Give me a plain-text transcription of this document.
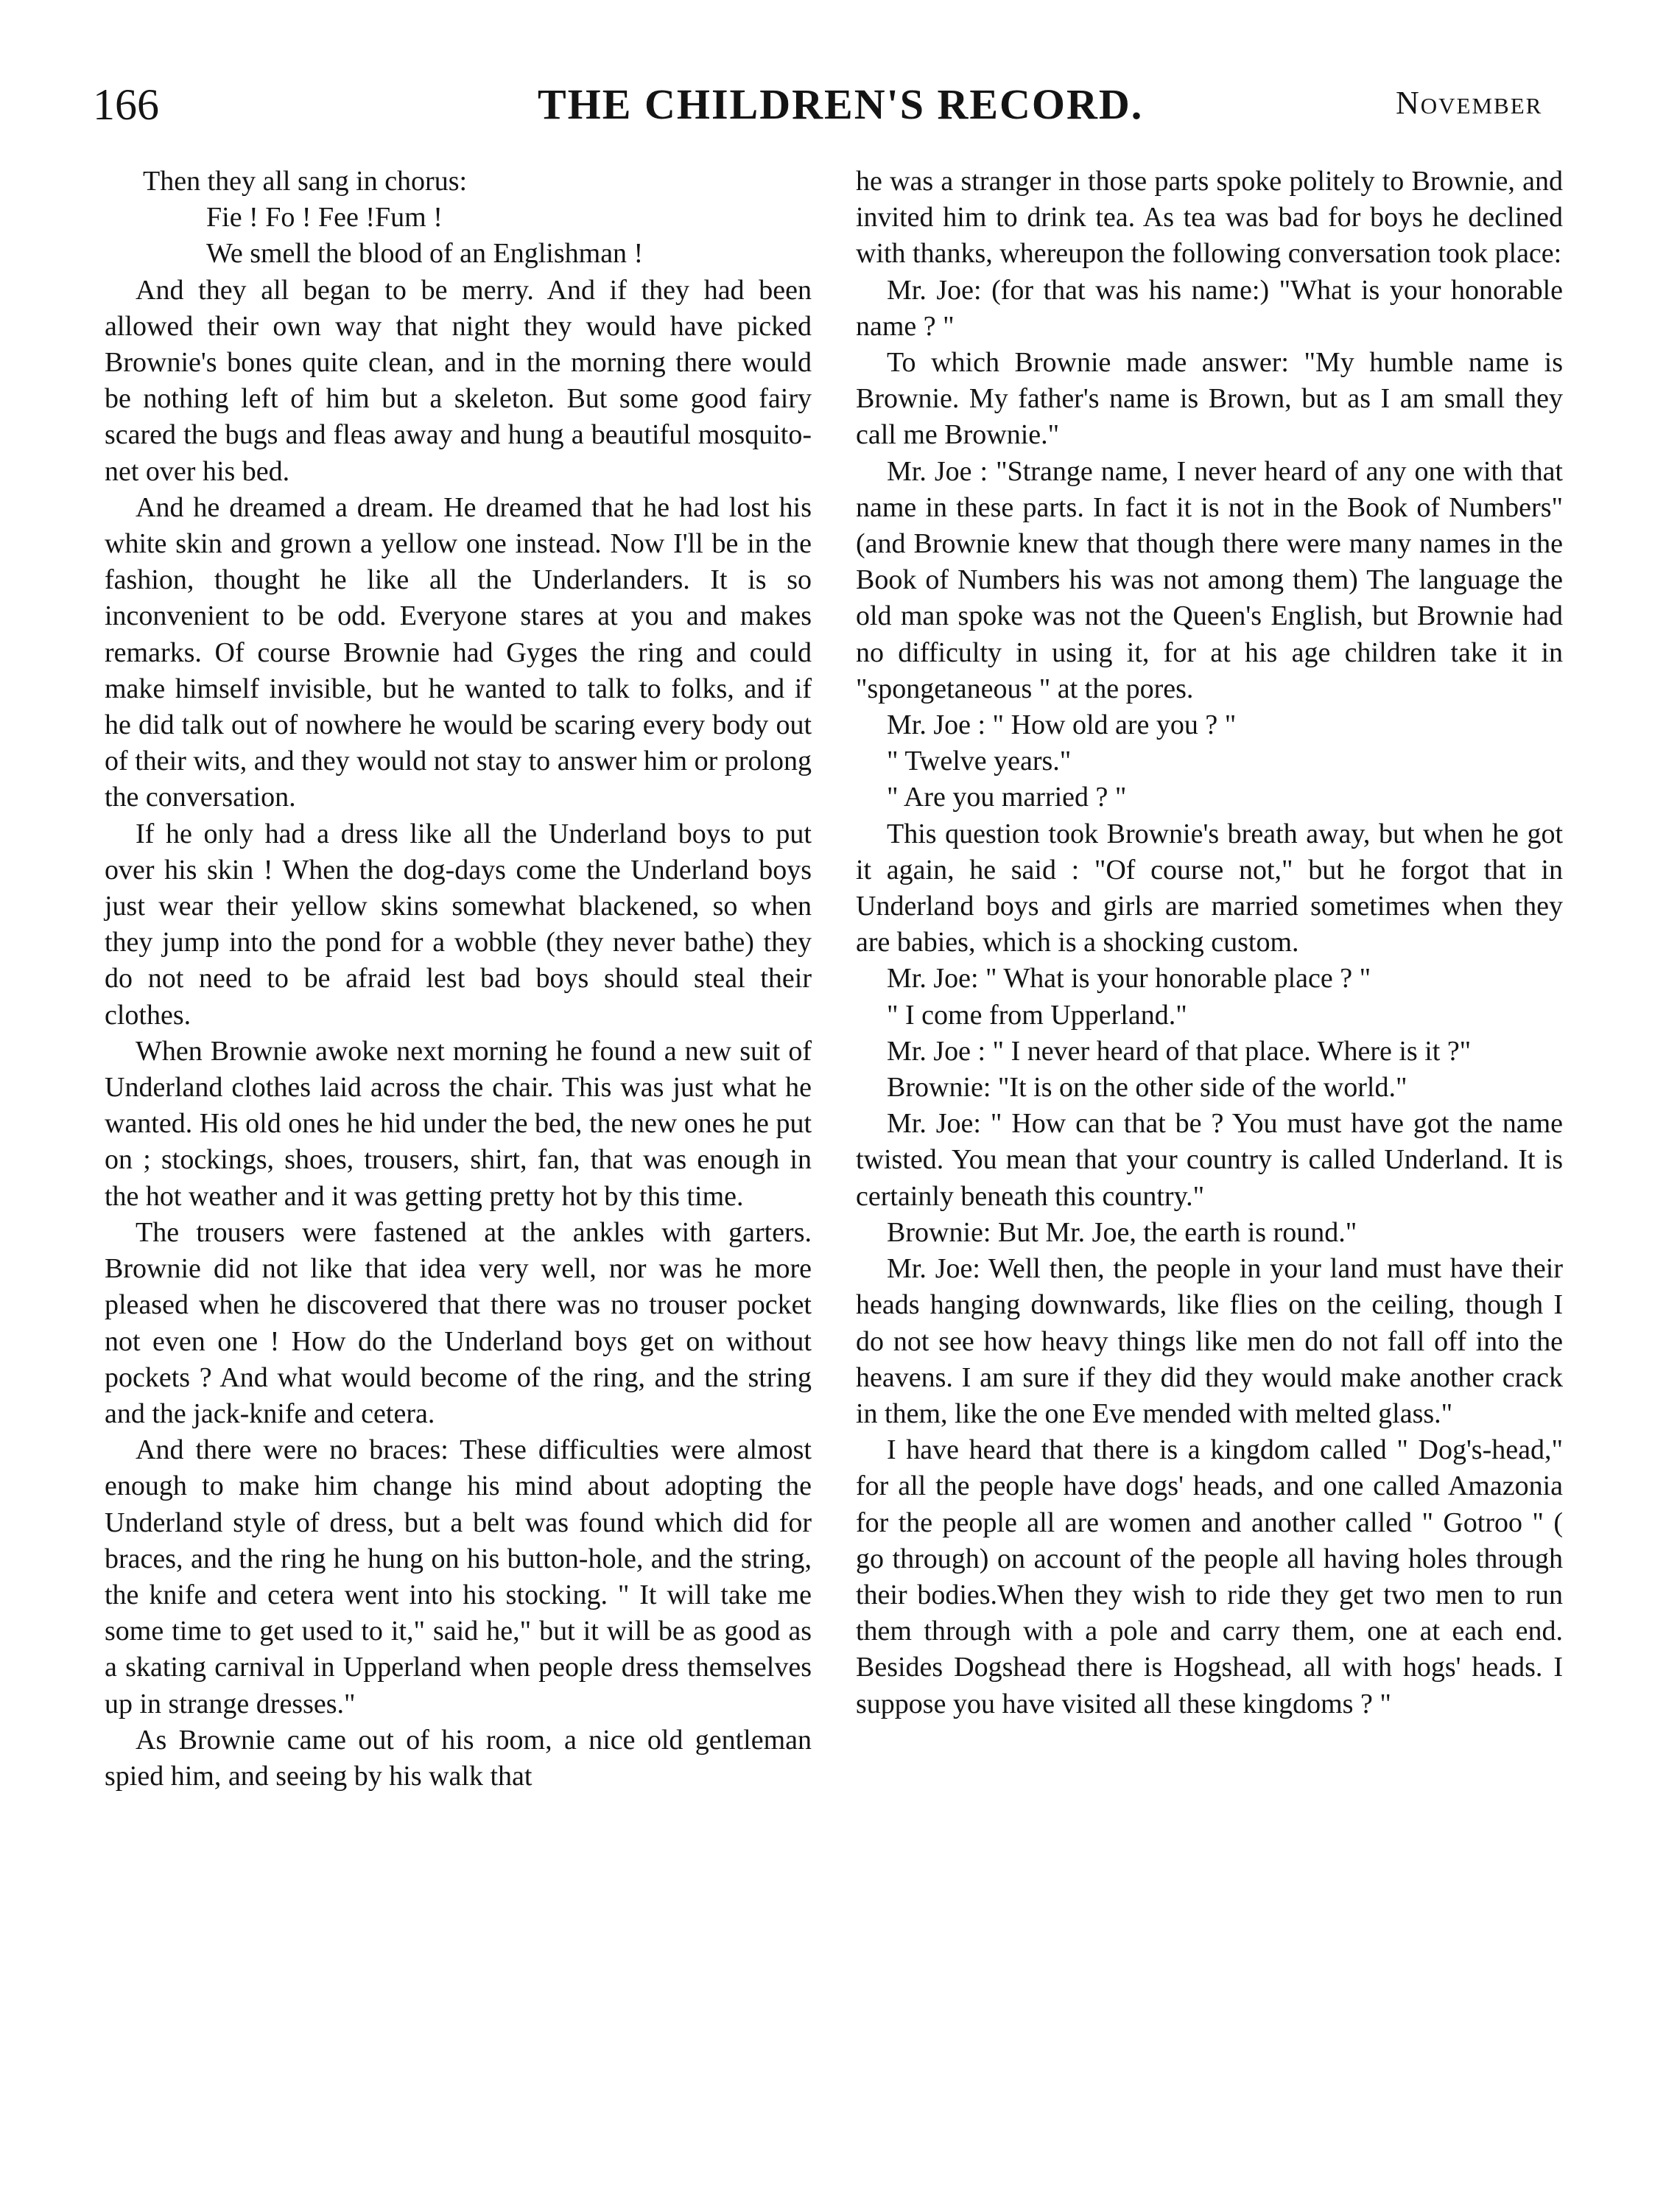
166	THE CHILDREN'S RECORD.	November

Then they all sang in chorus:

Fie ! Fo ! Fee !Fum !

We smell the blood of an Englishman !

And they all began to be merry. And if they had been allowed their own way that night they would have picked Brownie's bones quite clean, and in the morning there would be nothing left of him but a skeleton. But some good fairy scared the bugs and fleas away and hung a beautiful mosquito-net over his bed.

And he dreamed a dream. He dreamed that he had lost his white skin and grown a yellow one instead. Now I'll be in the fashion, thought he like all the Underlanders. It is so inconvenient to be odd. Everyone stares at you and makes remarks. Of course Brownie had Gyges the ring and could make himself invisible, but he wanted to talk to folks, and if he did talk out of nowhere he would be scaring every body out of their wits, and they would not stay to answer him or prolong the conversation.

If he only had a dress like all the Underland boys to put over his skin ! When the dog-days come the Underland boys just wear their yellow skins somewhat blackened, so when they jump into the pond for a wobble (they never bathe) they do not need to be afraid lest bad boys should steal their clothes.

When Brownie awoke next morning he found a new suit of Underland clothes laid across the chair. This was just what he wanted. His old ones he hid under the bed, the new ones he put on ; stockings, shoes, trousers, shirt, fan, that was enough in the hot weather and it was getting pretty hot by this time.

The trousers were fastened at the ankles with garters. Brownie did not like that idea very well, nor was he more pleased when he discovered that there was no trouser pocket not even one ! How do the Underland boys get on without pockets ? And what would become of the ring, and the string and the jack-knife and cetera.

And there were no braces: These difficulties were almost enough to make him change his mind about adopting the Underland style of dress, but a belt was found which did for braces, and the ring he hung on his button-hole, and the string, the knife and cetera went into his stocking. " It will take me some time to get used to it," said he," but it will be as good as a skating carnival in Upperland when people dress themselves up in strange dresses."

As Brownie came out of his room, a nice old gentleman spied him, and seeing by his walk that

he was a stranger in those parts spoke politely to Brownie, and invited him to drink tea. As tea was bad for boys he declined with thanks, whereupon the following conversation took place:

Mr. Joe: (for that was his name:) "What is your honorable name ? "

To which Brownie made answer: "My humble name is Brownie. My father's name is Brown, but as I am small they call me Brownie."

Mr. Joe : "Strange name, I never heard of any one with that name in these parts. In fact it is not in the Book of Numbers" (and Brownie knew that though there were many names in the Book of Numbers his was not among them) The language the old man spoke was not the Queen's English, but Brownie had no difficulty in using it, for at his age children take it in "spongetaneous " at the pores.

Mr. Joe : " How old are you ? "

" Twelve years."

" Are you married ? "

This question took Brownie's breath away, but when he got it again, he said : "Of course not," but he forgot that in Underland boys and girls are married sometimes when they are babies, which is a shocking custom.

Mr. Joe: " What is your honorable place ? "

" I come from Upperland."

Mr. Joe : " I never heard of that place. Where is it ?"

Brownie: "It is on the other side of the world."

Mr. Joe: " How can that be ? You must have got the name twisted. You mean that your country is called Underland. It is certainly beneath this country."

Brownie: But Mr. Joe, the earth is round."

Mr. Joe: Well then, the people in your land must have their heads hanging downwards, like flies on the ceiling, though I do not see how heavy things like men do not fall off into the heavens. I am sure if they did they would make another crack in them, like the one Eve mended with melted glass."

I have heard that there is a kingdom called " Dog's-head," for all the people have dogs' heads, and one called Amazonia for the people all are women and another called " Gotroo " ( go through) on account of the people all having holes through their bodies.When they wish to ride they get two men to run them through with a pole and carry them, one at each end. Besides Dogshead there is Hogshead, all with hogs' heads. I suppose you have visited all these kingdoms ? "
